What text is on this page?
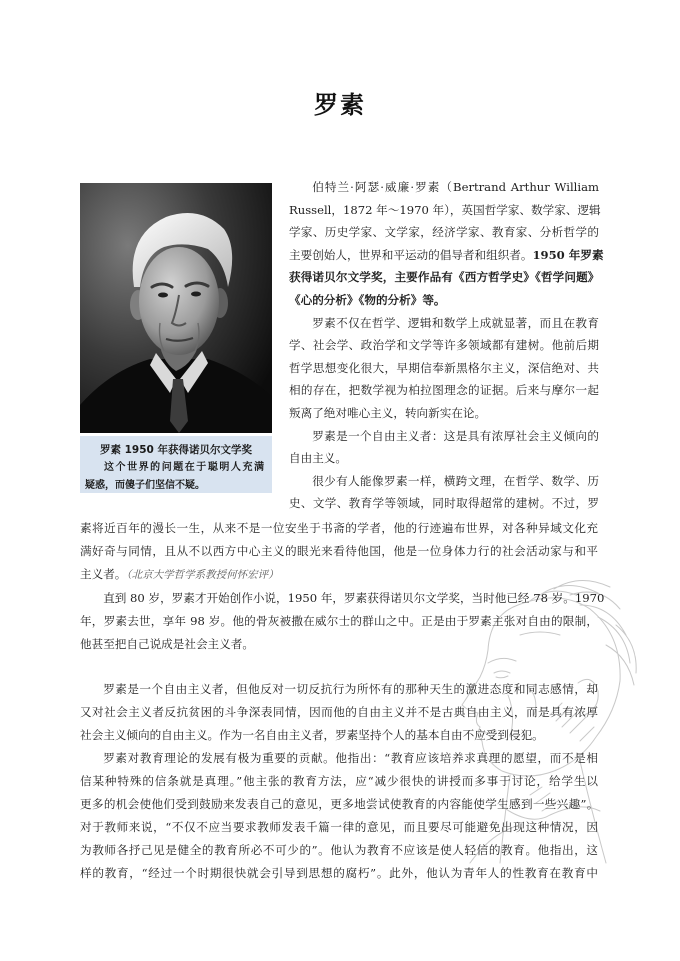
罗素
罗素 1950 年获得诺贝尔文学奖
这个世界的问题在于聪明人充满
疑惑，而傻子们坚信不疑。
伯特兰·阿瑟·威廉·罗素（Bertrand Arthur William
Russell，1872 年～1970 年），英国哲学家、数学家、逻辑
学家、历史学家、文学家，经济学家、教育家、分析哲学的
主要创始人，世界和平运动的倡导者和组织者。1950 年罗素
获得诺贝尔文学奖，主要作品有《西方哲学史》《哲学问题》
《心的分析》《物的分析》等。
罗素不仅在哲学、逻辑和数学上成就显著，而且在教育
学、社会学、政治学和文学等许多领域都有建树。他前后期
哲学思想变化很大，早期信奉新黑格尔主义，深信绝对、共
相的存在，把数学视为柏拉图理念的证据。后来与摩尔一起
叛离了绝对唯心主义，转向新实在论。
罗素是一个自由主义者：这是具有浓厚社会主义倾向的
自由主义。
很少有人能像罗素一样，横跨文理，在哲学、数学、历
史、文学、教育学等领域，同时取得超常的建树。不过，罗
素将近百年的漫长一生，从来不是一位安坐于书斋的学者，他的行迹遍布世界，对各种异域文化充
满好奇与同情，且从不以西方中心主义的眼光来看待他国，他是一位身体力行的社会活动家与和平
主义者。（北京大学哲学系教授何怀宏评）
直到 80 岁，罗素才开始创作小说，1950 年，罗素获得诺贝尔文学奖，当时他已经 78 岁。1970
年，罗素去世，享年 98 岁。他的骨灰被撒在威尔士的群山之中。正是由于罗素主张对自由的限制，
他甚至把自己说成是社会主义者。
罗素是一个自由主义者，但他反对一切反抗行为所怀有的那种天生的激进态度和同志感情，却
又对社会主义者反抗贫困的斗争深表同情，因而他的自由主义并不是古典自由主义，而是具有浓厚
社会主义倾向的自由主义。作为一名自由主义者，罗素坚持个人的基本自由不应受到侵犯。
罗素对教育理论的发展有极为重要的贡献。他指出：“教育应该培养求真理的愿望，而不是相
信某种特殊的信条就是真理。”他主张的教育方法，应“减少很快的讲授而多事于讨论，给学生以
更多的机会使他们受到鼓励来发表自己的意见，更多地尝试使教育的内容能使学生感到一些兴趣”。
对于教师来说，“不仅不应当要求教师发表千篇一律的意见，而且要尽可能避免出现这种情况，因
为教师各抒己见是健全的教育所必不可少的”。他认为教育不应该是使人轻信的教育。他指出，这
样的教育，“经过一个时期很快就会引导到思想的腐朽”。此外，他认为青年人的性教育在教育中
